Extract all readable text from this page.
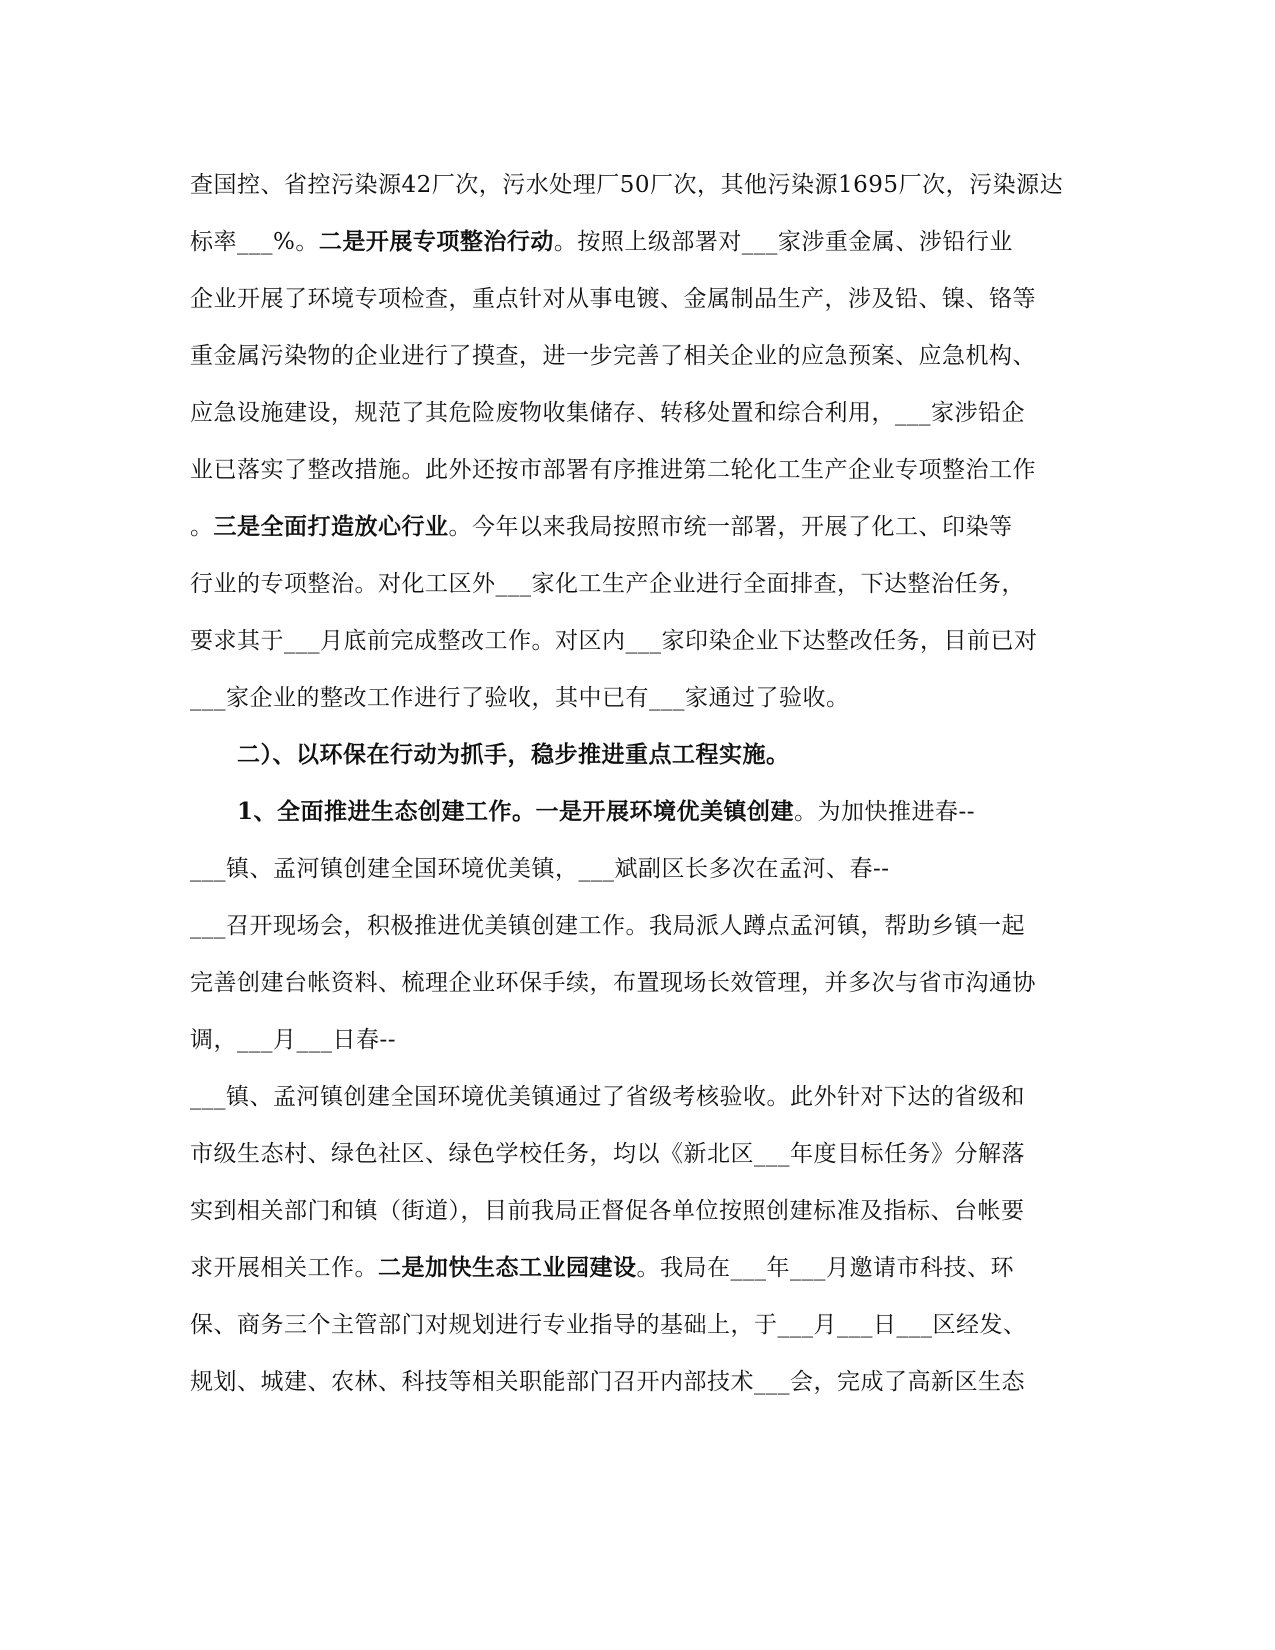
查国控、省控污染源42厂次，污水处理厂50厂次，其他污染源1695厂次，污染源达
标率___%。二是开展专项整治行动。按照上级部署对___家涉重金属、涉铅行业
企业开展了环境专项检查，重点针对从事电镀、金属制品生产，涉及铅、镍、铬等
重金属污染物的企业进行了摸查，进一步完善了相关企业的应急预案、应急机构、
应急设施建设，规范了其危险废物收集储存、转移处置和综合利用，___家涉铅企
业已落实了整改措施。此外还按市部署有序推进第二轮化工生产企业专项整治工作
。三是全面打造放心行业。今年以来我局按照市统一部署，开展了化工、印染等
行业的专项整治。对化工区外___家化工生产企业进行全面排查，下达整治任务，
要求其于___月底前完成整改工作。对区内___家印染企业下达整改任务，目前已对
___家企业的整改工作进行了验收，其中已有___家通过了验收。
二）、以环保在行动为抓手，稳步推进重点工程实施。
1、全面推进生态创建工作。一是开展环境优美镇创建。为加快推进春--
___镇、孟河镇创建全国环境优美镇，___斌副区长多次在孟河、春--
___召开现场会，积极推进优美镇创建工作。我局派人蹲点孟河镇，帮助乡镇一起
完善创建台帐资料、梳理企业环保手续，布置现场长效管理，并多次与省市沟通协
调，___月___日春--
___镇、孟河镇创建全国环境优美镇通过了省级考核验收。此外针对下达的省级和
市级生态村、绿色社区、绿色学校任务，均以《新北区___年度目标任务》分解落
实到相关部门和镇（街道），目前我局正督促各单位按照创建标准及指标、台帐要
求开展相关工作。二是加快生态工业园建设。我局在___年___月邀请市科技、环
保、商务三个主管部门对规划进行专业指导的基础上，于___月___日___区经发、
规划、城建、农林、科技等相关职能部门召开内部技术___会，完成了高新区生态
